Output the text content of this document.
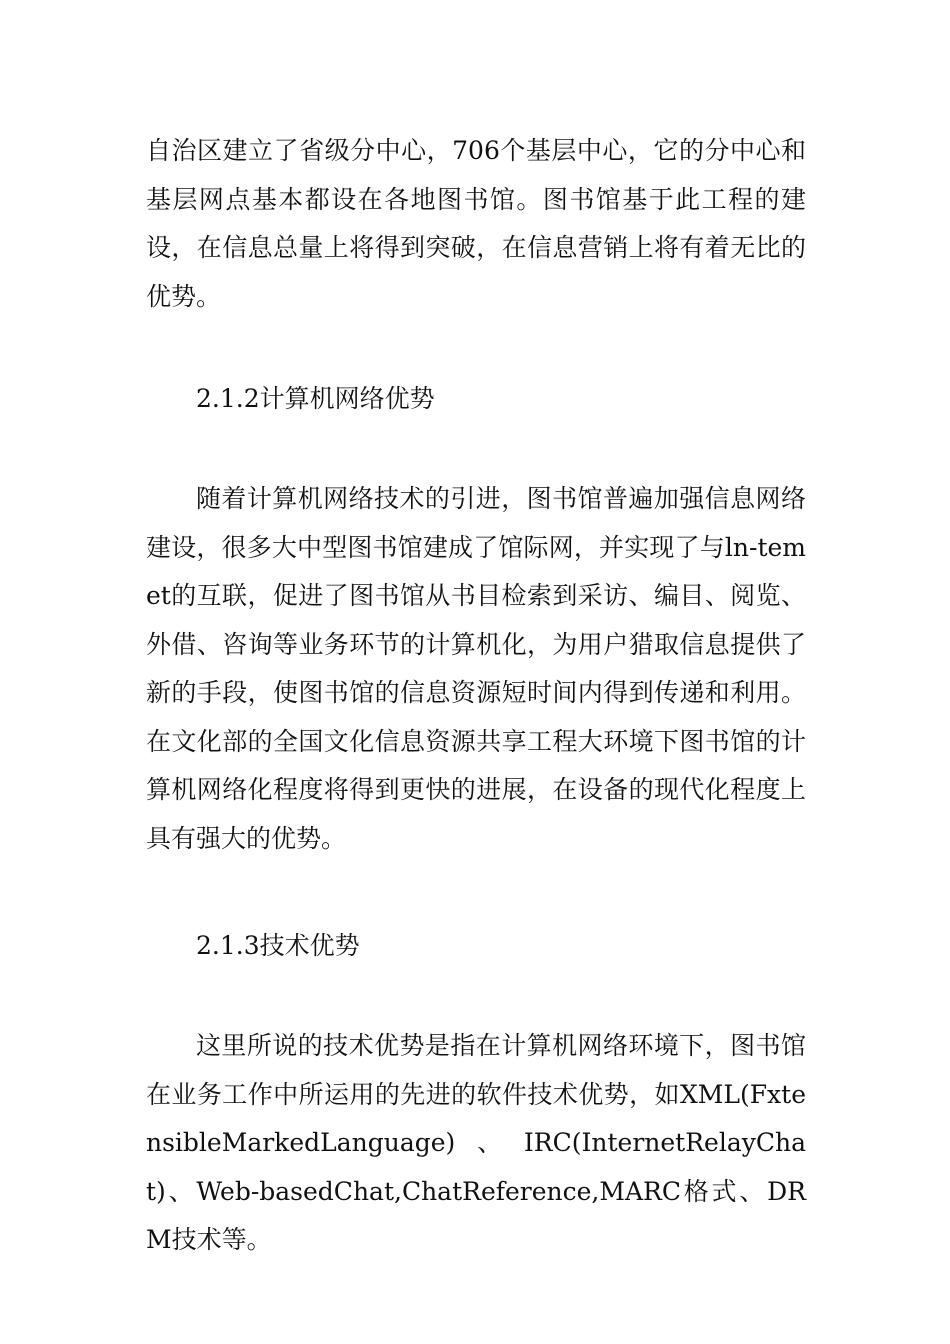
自治区建立了省级分中心，706个基层中心，它的分中心和基层网点基本都设在各地图书馆。图书馆基于此工程的建设，在信息总量上将得到突破，在信息营销上将有着无比的优势。

2.1.2计算机网络优势

随着计算机网络技术的引进，图书馆普遍加强信息网络建设，很多大中型图书馆建成了馆际网，并实现了与ln-temet的互联，促进了图书馆从书目检索到采访、编目、阅览、外借、咨询等业务环节的计算机化，为用户猎取信息提供了新的手段，使图书馆的信息资源短时间内得到传递和利用。在文化部的全国文化信息资源共享工程大环境下图书馆的计算机网络化程度将得到更快的进展，在设备的现代化程度上具有强大的优势。

2.1.3技术优势

这里所说的技术优势是指在计算机网络环境下，图书馆在业务工作中所运用的先进的软件技术优势，如XML(FxtensibleMarkedLanguage)、IRC(InternetRelayChat)、Web-basedChat,ChatReference,MARC格式、DRM技术等。
